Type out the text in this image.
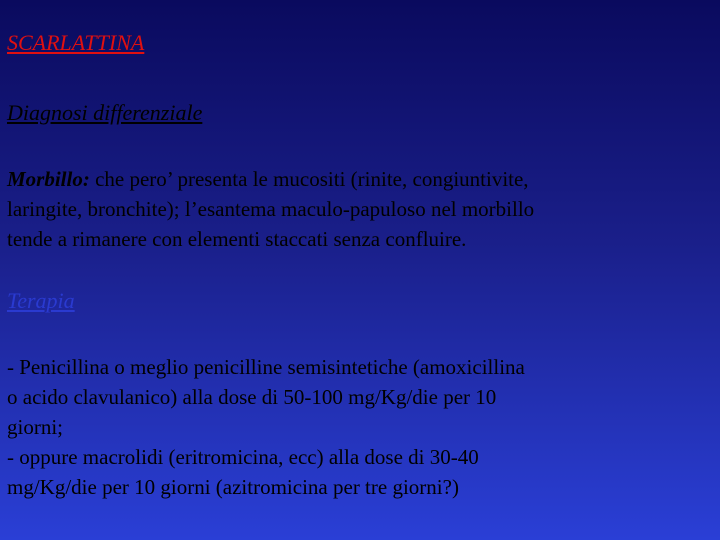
SCARLATTINA
Diagnosi differenziale
Morbillo: che pero’ presenta le mucositi (rinite, congiuntivite,
laringite, bronchite); l’esantema maculo-papuloso nel morbillo
tende a rimanere con elementi staccati senza confluire.
Terapia
- Penicillina o meglio penicilline semisintetiche (amoxicillina
o acido clavulanico) alla dose di 50-100 mg/Kg/die per 10
giorni;
- oppure macrolidi (eritromicina, ecc) alla dose di 30-40
mg/Kg/die per 10 giorni (azitromicina per tre giorni?)
